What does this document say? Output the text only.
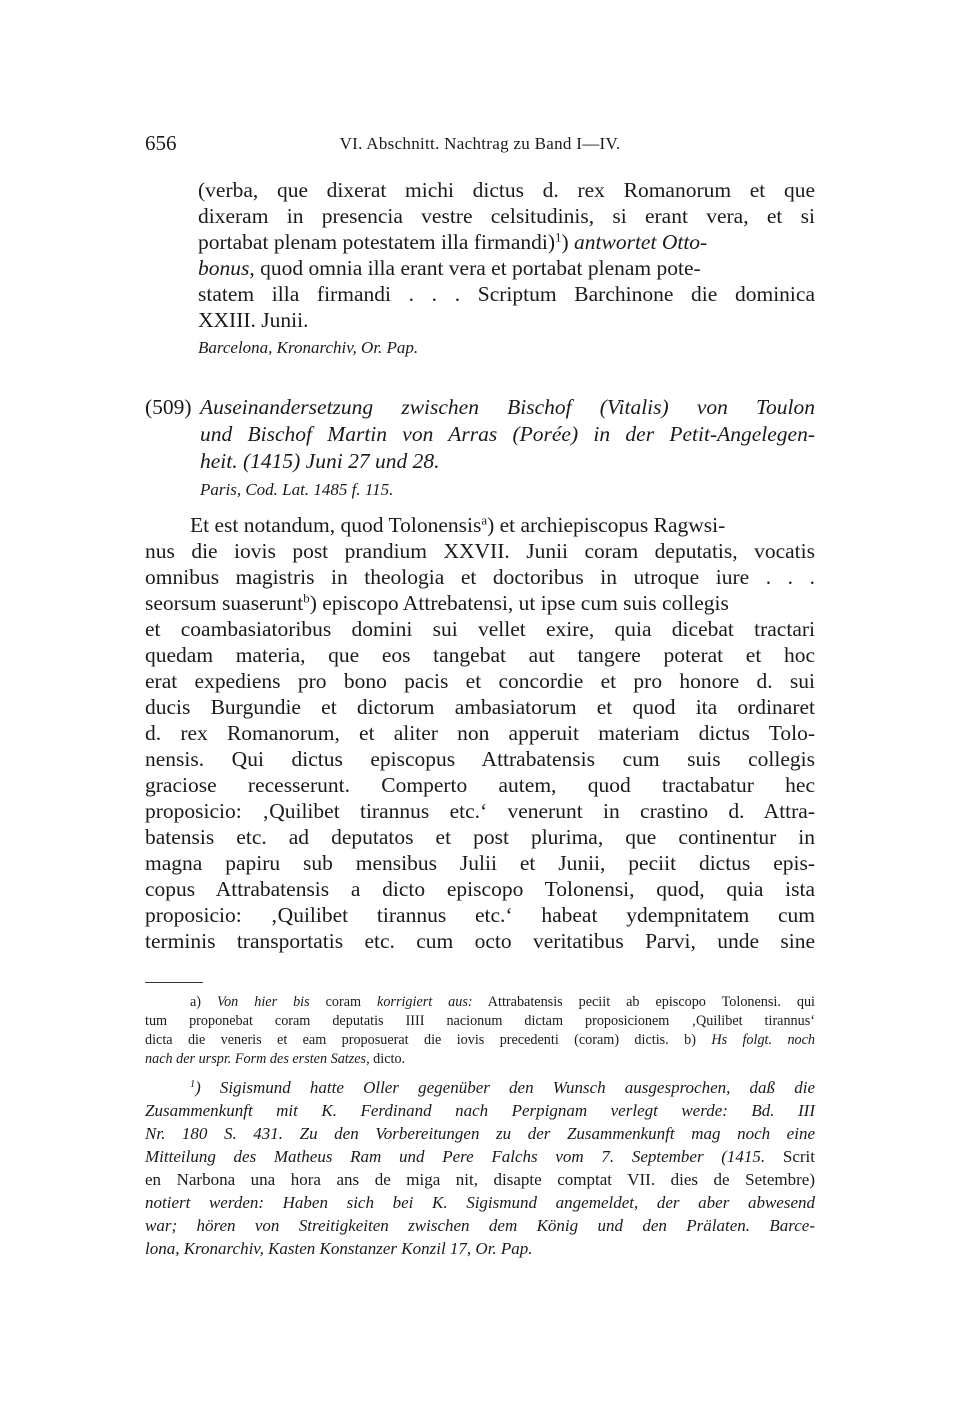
656	VI. Abschnitt. Nachtrag zu Band I—IV.
(verba, que dixerat michi dictus d. rex Romanorum et que
dixeram in presencia vestre celsitudinis, si erant vera, et si
portabat plenam potestatem illa firmandi)$^1$) antwortet Otto-
bonus, quod omnia illa erant vera et portabat plenam pote-
statem illa firmandi . . . Scriptum Barchinone die dominica
XXIII. Junii.
Barcelona, Kronarchiv, Or. Pap.
(509) Auseinandersetzung zwischen Bischof (Vitalis) von Toulon
und Bischof Martin von Arras (Porée) in der Petit-Angelegen-
heit. (1415) Juni 27 und 28.
Paris, Cod. Lat. 1485 f. 115.
Et est notandum, quod Tolonensis$^a$) et archiepiscopus Ragwsi-
nus die iovis post prandium XXVII. Junii coram deputatis, vocatis
omnibus magistris in theologia et doctoribus in utroque iure . . .
seorsum suaserunt$^b$) episcopo Attrebatensi, ut ipse cum suis collegis
et coambasiatoribus domini sui vellet exire, quia dicebat tractari
quedam materia, que eos tangebat aut tangere poterat et hoc
erat expediens pro bono pacis et concordie et pro honore d. sui
ducis Burgundie et dictorum ambasiatorum et quod ita ordinaret
d. rex Romanorum, et aliter non apperuit materiam dictus Tolo-
nensis. Qui dictus episcopus Attrabatensis cum suis collegis
graciose recesserunt. Comperto autem, quod tractabatur hec
proposicio: ‚Quilibet tirannus etc.‘ venerunt in crastino d. Attra-
batensis etc. ad deputatos et post plurima, que continentur in
magna papiru sub mensibus Julii et Junii, peciit dictus epis-
copus Attrabatensis a dicto episcopo Tolonensi, quod, quia ista
proposicio: ‚Quilibet tirannus etc.‘ habeat ydempnitatem cum
terminis transportatis etc. cum octo veritatibus Parvi, unde sine
a) Von hier bis coram korrigiert aus: Attrabatensis peciit ab episcopo Tolonensi. qui
tum proponebat coram deputatis IIII nacionum dictam proposicionem ‚Quilibet tirannus‘
dicta die veneris et eam proposuerat die iovis precedenti (coram) dictis. b) Hs folgt. noch
nach der urspr. Form des ersten Satzes, dicto.
$^1$) Sigismund hatte Oller gegenüber den Wunsch ausgesprochen, daß die
Zusammenkunft mit K. Ferdinand nach Perpignam verlegt werde: Bd. III
Nr. 180 S. 431. Zu den Vorbereitungen zu der Zusammenkunft mag noch eine
Mitteilung des Matheus Ram und Pere Falchs vom 7. September (1415. Scrit
en Narbona una hora ans de miga nit, disapte comptat VII. dies de Setembre)
notiert werden: Haben sich bei K. Sigismund angemeldet, der aber abwesend
war; hören von Streitigkeiten zwischen dem König und den Prälaten. Barce-
lona, Kronarchiv, Kasten Konstanzer Konzil 17, Or. Pap.
